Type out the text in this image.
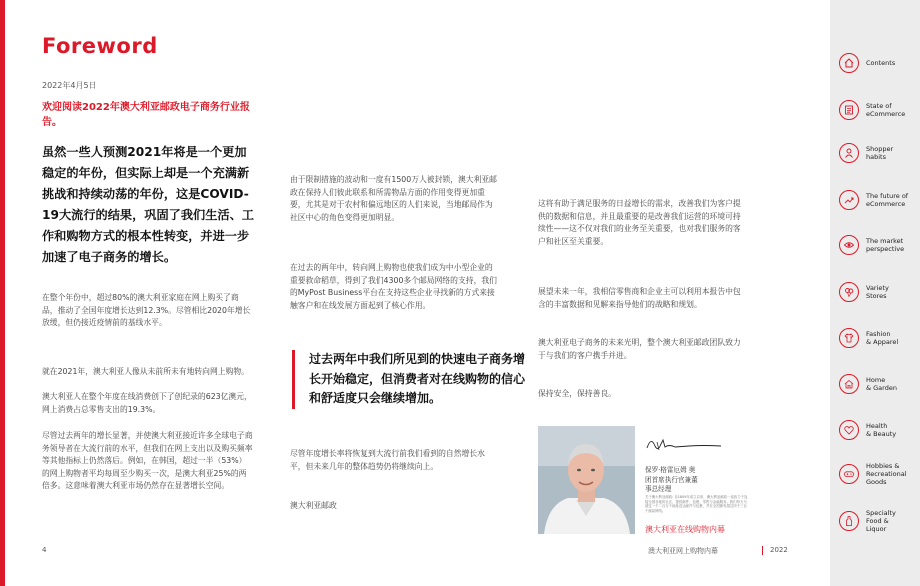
Foreword
2022年4月5日
欢迎阅读2022年澳大利亚邮政电子商务行业报告。
虽然一些人预测2021年将是一个更加稳定的年份，但实际上却是一个充满新挑战和持续动荡的年份，这是COVID-19大流行的结果，巩固了我们生活、工作和购物方式的根本性转变，并进一步加速了电子商务的增长。
在整个年份中，超过80%的澳大利亚家庭在网上购买了商品，推动了全国年度增长达到12.3%。尽管相比2020年增长放缓，但仍接近疫情前的基线水平。
就在2021年，澳大利亚人像从未前所未有地转向网上购物。
澳大利亚人在整个年度在线消费创下了创纪录的623亿澳元，网上消费占总零售支出的19.3%。
尽管过去两年的增长显著，并使澳大利亚接近许多全球电子商务领导者在大流行前的水平，但我们在网上支出以及购买频率等其他指标上仍然落后。例如，在韩国，超过一半（53%）的网上购物者平均每周至少购买一次，是澳大利亚25%的两倍多。这意味着澳大利亚市场仍然存在显著增长空间。
由于限制措施的波动和一度有1500万人被封锁，澳大利亚邮政在保持人们彼此联系和所需物品方面的作用变得更加重要，尤其是对于农村和偏远地区的人们来说，当地邮局作为社区中心的角色变得更加明显。
在过去的两年中，转向网上购物也使我们成为中小型企业的重要救命稻草，得到了我们4300多个邮局网络的支持，我们的MyPost Business平台在支持这些企业寻找新的方式来接触客户和在线发展方面起到了核心作用。
过去两年中我们所见到的快速电子商务增长开始稳定，但消费者对在线购物的信心和舒适度只会继续增加。
尽管年度增长率将恢复到大流行前我们看到的自然增长水平，但未来几年的整体趋势仍将继续向上。
澳大利亚邮政
这将有助于满足服务的日益增长的需求，改善我们为客户提供的数据和信息，并且最重要的是改善我们运营的环境可持续性——这不仅对我们的业务至关重要，也对我们服务的客户和社区至关重要。
展望未来一年，我相信零售商和企业主可以利用本报告中包含的丰富数据和见解来指导他们的战略和规划。
澳大利亚电子商务的未来光明，整个澳大利亚邮政团队致力于与我们的客户携手并进。
保持安全，保持善良。
保罗·格雷厄姆 奥
团首席执行官兼董
事总经理
关于澳大利亚邮政: 自1809年成立以来，澳大利亚邮政一直致力于连接全国各地的社区，提供邮件、包裹、零售与金融服务。我们每天为超过一千二百万个地址送达邮件与包裹，并在全国拥有超过四千三百个邮局网络。
澳大利亚在线购物内幕
4	澳大利亚网上购物内幕	2022
Contents
State of
eCommerce
Shopper
habits
The future of
eCommerce
The market
perspective
Variety
Stores
Fashion
& Apparel
Home
& Garden
Health
& Beauty
Hobbies &
Recreational
Goods
Specialty
Food &
Liquor
